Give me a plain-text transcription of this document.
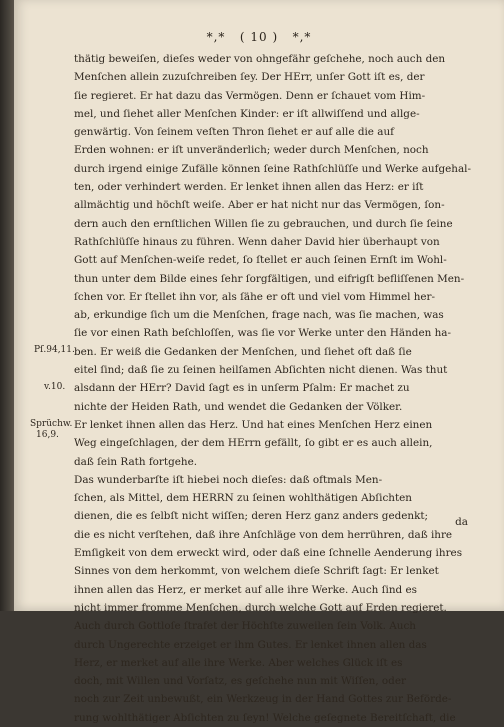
*,* ( 10 ) *,*
thätig beweiſen, dieſes weder von ohngefähr geſchehe, noch auch den
Menſchen allein zuzuſchreiben ſey. Der HErr, unſer Gott iſt es, der
ſie regieret. Er hat dazu das Vermögen. Denn er ſchauet vom Him-
mel, und ſiehet aller Menſchen Kinder: er iſt allwiſſend und allge-
genwärtig. Von ſeinem veſten Thron ſiehet er auf alle die auf
Erden wohnen: er iſt unveränderlich; weder durch Menſchen, noch
durch irgend einige Zufälle können ſeine Rathſchlüſſe und Werke aufgehal-
ten, oder verhindert werden. Er lenket ihnen allen das Herz: er iſt
allmächtig und höchſt weiſe. Aber er hat nicht nur das Vermögen, ſon-
dern auch den ernſtlichen Willen ſie zu gebrauchen, und durch ſie ſeine
Rathſchlüſſe hinaus zu führen. Wenn daher David hier überhaupt von
Gott auf Menſchen-weiſe redet, ſo ſtellet er auch ſeinen Ernſt im Wohl-
thun unter dem Bilde eines ſehr ſorgfältigen, und eifrigſt befliſſenen Men-
ſchen vor. Er ſtellet ihn vor, als ſähe er oft und viel vom Himmel her-
ab, erkundige ſich um die Menſchen, frage nach, was ſie machen, was
ſie vor einen Rath beſchloſſen, was ſie vor Werke unter den Händen ha-
ben. Er weiß die Gedanken der Menſchen, und ſiehet oft daß ſie
eitel ſind; daß ſie zu ſeinen heilſamen Abſichten nicht dienen. Was thut
alsdann der HErr? David ſagt es in unſerm Pſalm: Er machet zu
nichte der Heiden Rath, und wendet die Gedanken der Völker.
Er lenket ihnen allen das Herz. Und hat eines Menſchen Herz einen
Weg eingeſchlagen, der dem HErrn gefällt, ſo gibt er es auch allein,
daß ſein Rath fortgehe.
Das wunderbarſte iſt hiebei noch dieſes: daß oftmals Men-
ſchen, als Mittel, dem HERRN zu ſeinen wohlthätigen Abſichten
dienen, die es ſelbſt nicht wiſſen; deren Herz ganz anders gedenkt;
die es nicht verſtehen, daß ihre Anſchläge von dem herrühren, daß ihre
Emſigkeit von dem erweckt wird, oder daß eine ſchnelle Aenderung ihres
Sinnes von dem herkommt, von welchem dieſe Schrift ſagt: Er lenket
ihnen allen das Herz, er merket auf alle ihre Werke. Auch ſind es
nicht immer fromme Menſchen, durch welche Gott auf Erden regieret.
Auch durch Gottloſe ſtrafet der Höchſte zuweilen ſein Volk. Auch
durch Ungerechte erzeiget er ihm Gutes. Er lenket ihnen allen das
Herz, er merket auf alle ihre Werke. Aber welches Glück iſt es
doch, mit Willen und Vorſatz, es geſchehe nun mit Wiſſen, oder
noch zur Zeit unbewußt, ein Werkzeug in der Hand Gottes zur Beförde-
rung wohlthätiger Abſichten zu ſeyn! Welche geſegnete Bereitſchaft, die
Pſ.94,11.
v.10.
Sprüchw.
16,9.
da
